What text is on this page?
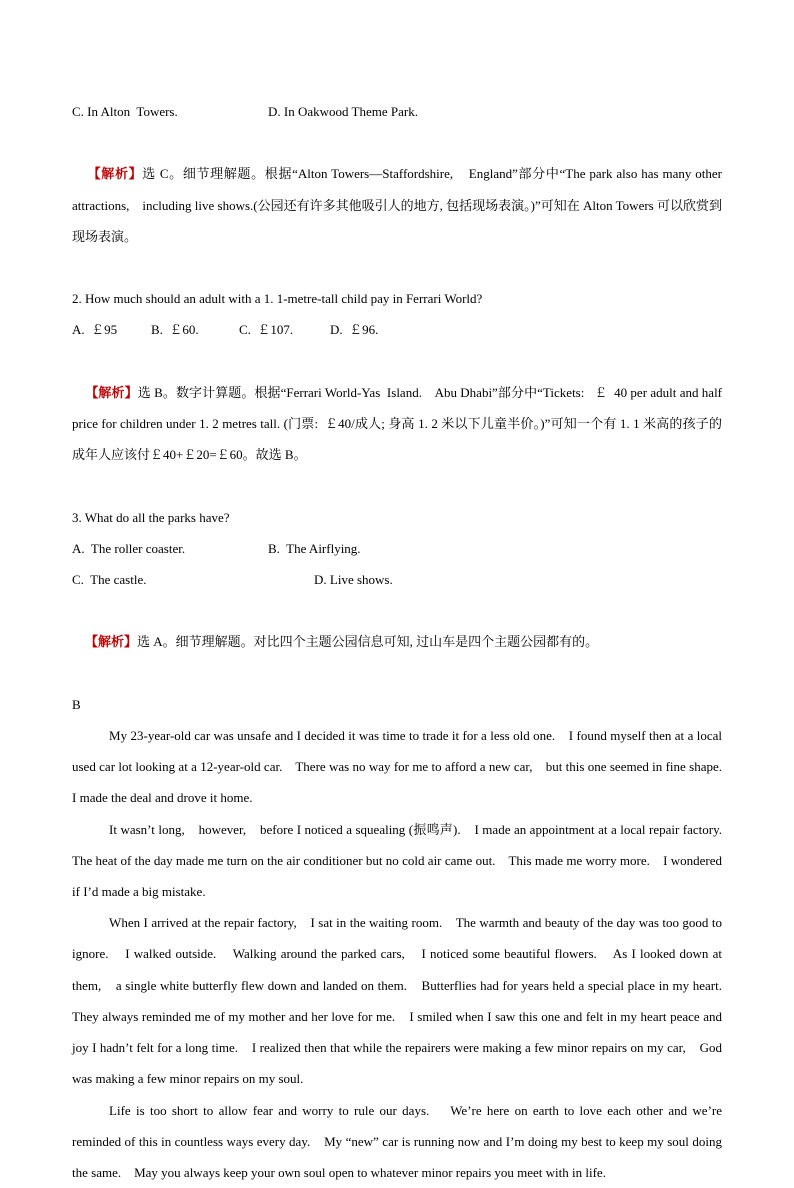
C. In Alton  Towers.	D. In Oakwood Theme Park.

【解析】选 C。细节理解题。根据“Alton Towers—Staffordshire,    England”部分中“The park also has many other attractions,    including live shows.(公园还有许多其他吸引人的地方, 包括现场表演。)”可知在 Alton Towers 可以欣赏到现场表演。

2. How much should an adult with a 1. 1-metre-tall child pay in Ferrari World?
A.  ￡95	B.  ￡60.	C.  ￡107.	D.  ￡96.

【解析】选 B。数字计算题。根据“Ferrari World-Yas  Island.    Abu Dhabi”部分中“Tickets:   ￡  40 per adult and half price for children under 1. 2 metres tall. (门票:  ￡40/成人; 身高 1. 2 米以下儿童半价。)”可知一个有 1. 1 米高的孩子的成年人应该付￡40+￡20=￡60。故选 B。

3. What do all the parks have?
A.  The roller coaster.	B.  The Airflying.
C.  The castle.	D. Live shows.

【解析】选 A。细节理解题。对比四个主题公园信息可知, 过山车是四个主题公园都有的。

B
My 23-year-old car was unsafe and I decided it was time to trade it for a less old one.    I found myself then at a local used car lot looking at a 12-year-old car.    There was no way for me to afford a new car,    but this one seemed in fine shape.    I made the deal and drove it home.
It wasn’t long,    however,    before I noticed a squealing (振鸣声).    I made an appointment at a local repair factory.    The heat of the day made me turn on the air conditioner but no cold air came out.    This made me worry more.    I wondered if I’d made a big mistake.
When I arrived at the repair factory,    I sat in the waiting room.    The warmth and beauty of the day was too good to ignore.    I walked outside.    Walking around the parked cars,    I noticed some beautiful flowers.    As I looked down at them,    a single white butterfly flew down and landed on them.    Butterflies had for years held a special place in my heart.    They always reminded me of my mother and her love for me.    I smiled when I saw this one and felt in my heart peace and joy I hadn’t felt for a long time.    I realized then that while the repairers were making a few minor repairs on my car,    God was making a few minor repairs on my soul.
Life is too short to allow fear and worry to rule our days.    We’re here on earth to love each other and we’re reminded of this in countless ways every day.    My “new” car is running now and I’m doing my best to keep my soul doing the same.    May you always keep your own soul open to whatever minor repairs you meet with in life.
